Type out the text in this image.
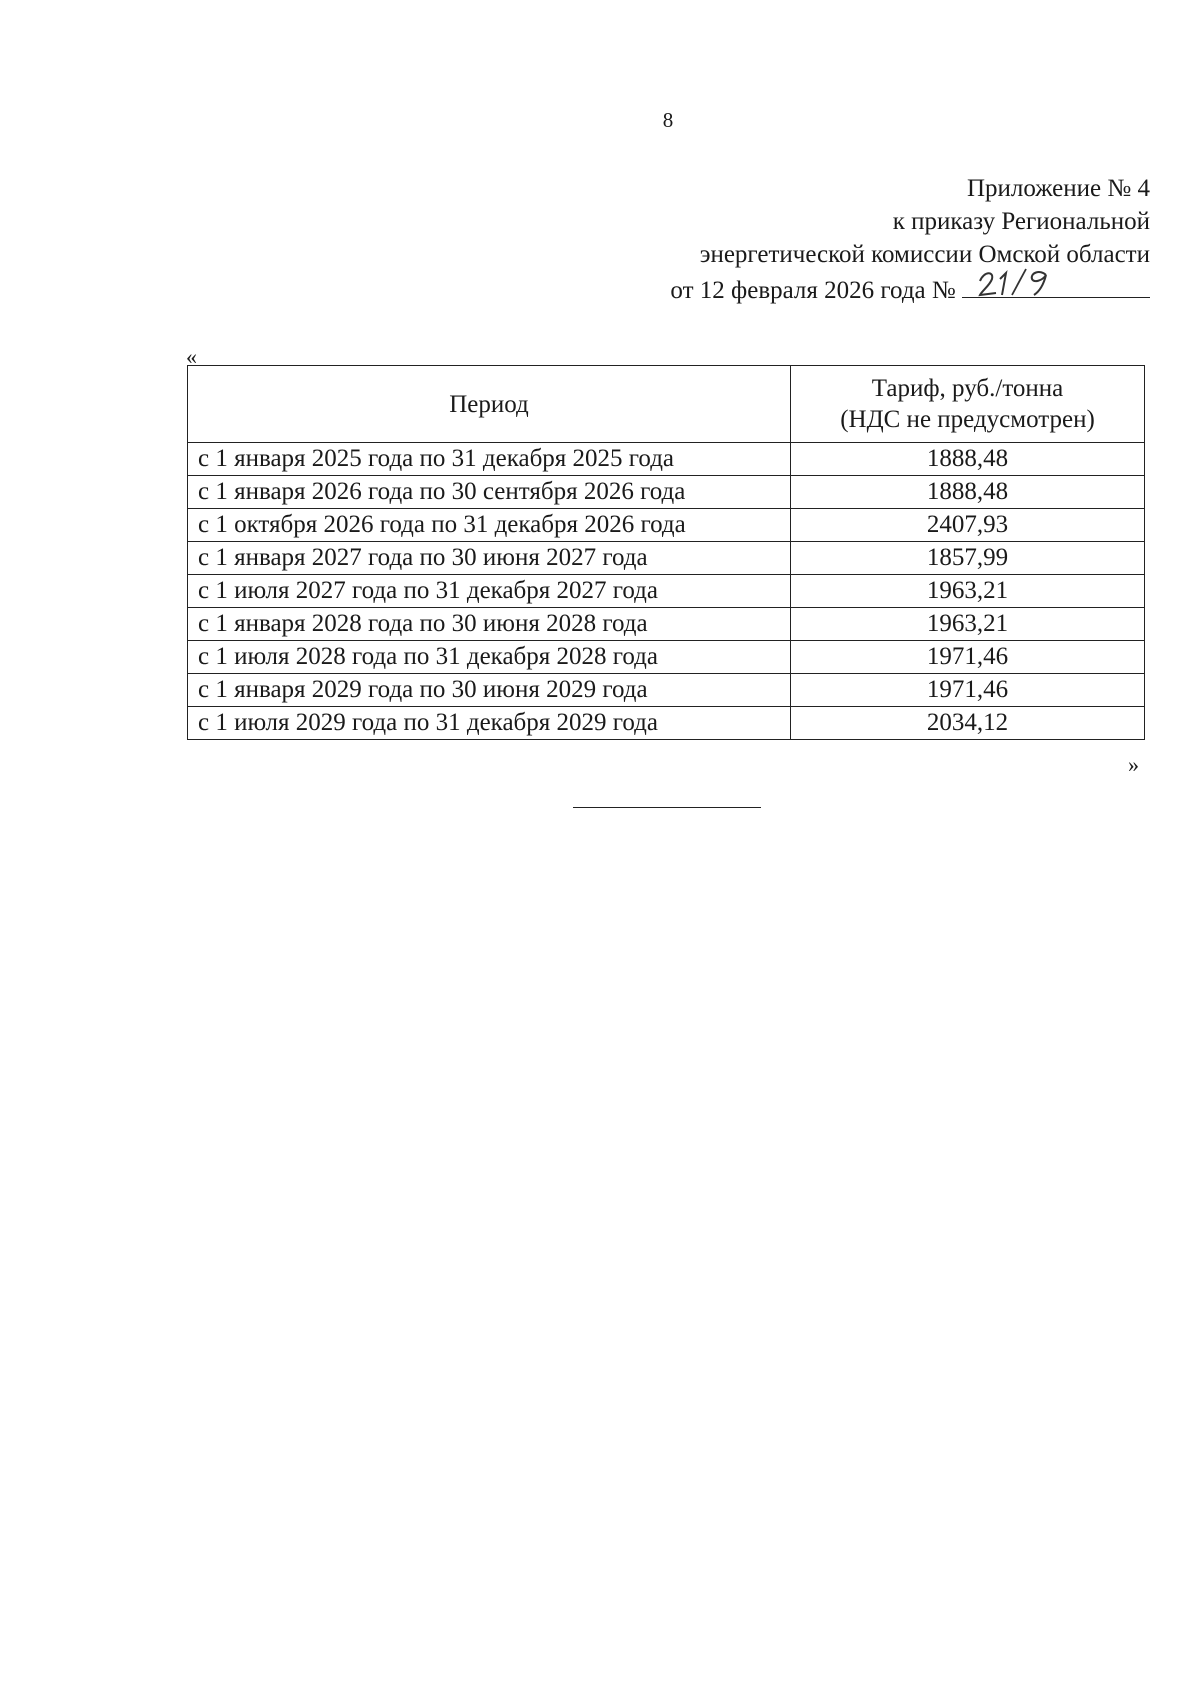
8
Приложение № 4
к приказу Региональной
энергетической комиссии Омской области
от 12 февраля 2026 года №
«
Период	Тариф, руб./тонна
(НДС не предусмотрен)
с 1 января 2025 года по 31 декабря 2025 года	1888,48
с 1 января 2026 года по 30 сентября 2026 года	1888,48
с 1 октября 2026 года по 31 декабря 2026 года	2407,93
с 1 января 2027 года по 30 июня 2027 года	1857,99
с 1 июля 2027 года по 31 декабря 2027 года	1963,21
с 1 января 2028 года по 30 июня 2028 года	1963,21
с 1 июля 2028 года по 31 декабря 2028 года	1971,46
с 1 января 2029 года по 30 июня 2029 года	1971,46
с 1 июля 2029 года по 31 декабря 2029 года	2034,12
»
